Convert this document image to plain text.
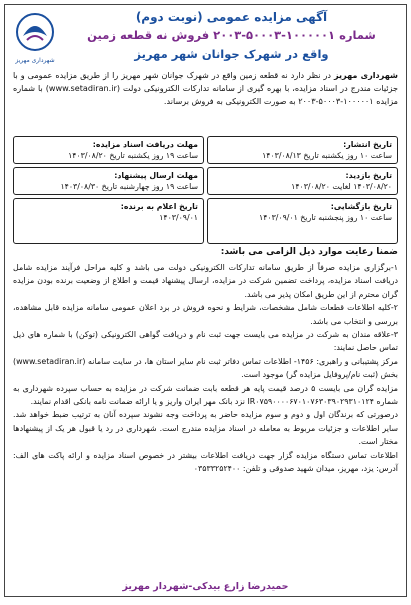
شهرداری مهریز
آگهی مزایده عمومی (نوبت دوم)
شماره ۱۰۰۰۰۰۱-۵۰۰۰۳-۲۰۰۳ فروش نه قطعه زمین
واقع در شهرک جوانان شهر مهریز
شهرداری مهریز در نظر دارد نه قطعه زمین واقع در شهرک جوانان شهر مهریز را از طریق مزایده عمومی و با جزئیات مندرج در اسناد مزایده، با بهره گیری از سامانه تدارکات الکترونیکی دولت (www.setadiran.ir) با شماره مزایده ۱۰۰۰۰۰۱-۵۰۰۰۳-۲۰۰۳ به صورت الکترونیکی به فروش برساند.
تاریخ انتشار:
ساعت ۱۰ روز یکشنبه تاریخ ۱۴۰۳/۰۸/۱۳
تاریخ بازدید:
۱۴۰۳/۰۸/۲۰ لغایت ۱۴۰۳/۰۸/۲۰
تاریخ بازگشایی:
ساعت ۱۰ روز پنجشنبه تاریخ ۱۴۰۳/۰۹/۰۱
مهلت دریافت اسناد مزایده:
ساعت ۱۹ روز یکشنبه تاریخ ۱۴۰۳/۰۸/۲۰
مهلت ارسال پیشنهاد:
ساعت ۱۹ روز چهارشنبه تاریخ ۱۴۰۳/۰۸/۳۰
تاریخ اعلام به برنده:
۱۴۰۳/۰۹/۰۱
ضمنا رعایت موارد ذیل الزامی می باشد:

۱-برگزاری مزایده صرفاً از طریق سامانه تدارکات الکترونیکی دولت می باشد و کلیه مراحل فرآیند مزایده شامل دریافت اسناد مزایده، پرداخت تضمین شرکت در مزایده، ارسال پیشنهاد قیمت و اطلاع از وضعیت برنده بودن مزایده گران محترم از این طریق امکان پذیر می باشد.

۲-کلیه اطلاعات قطعات شامل مشخصات، شرایط و نحوه فروش در برد اعلان عمومی سامانه مزایده قابل مشاهده، بررسی و انتخاب می باشد.

۳-علاقه مندان به شرکت در مزایده می بایست جهت ثبت نام و دریافت گواهی الکترونیکی (توکن) با شماره های ذیل تماس حاصل نمایند:

مرکز پشتیبانی و راهبری: ۱۴۵۶- اطلاعات تماس دفاتر ثبت نام سایر استان ها، در سایت سامانه (www.setadiran.ir) بخش (ثبت نام/پروفایل مزایده گر) موجود است.

مزایده گران می بایست ۵ درصد قیمت پایه هر قطعه بابت ضمانت شرکت در مزایده به حساب سپرده شهرداری به شماره IR۰۷۵۹۰۰۰۰۶۷۰۱۰۷۶۳۰۳۹۰۲۹۳۱۰۱۲۴ نزد بانک مهر ایران واریز و یا ارائه ضمانت نامه بانکی اقدام نمایند.

درصورتی که برندگان اول و دوم و سوم مزایده حاضر به پرداخت وجه نشوند سپرده آنان به ترتیب ضبط خواهد شد. سایر اطلاعات و جزئیات مربوط به معامله در اسناد مزایده مندرج است. شهرداری در رد یا قبول هر یک از پیشنهادها مختار است.

اطلاعات تماس دستگاه مزایده گزار جهت دریافت اطلاعات بیشتر در خصوص اسناد مزایده و ارائه پاکت های الف: آدرس: یزد، مهریز، میدان شهید صدوقی و تلفن: ۰۳۵۳۳۲۵۲۴۰۰

حمیدرضا زارع بیدکی-شهردار مهریز
